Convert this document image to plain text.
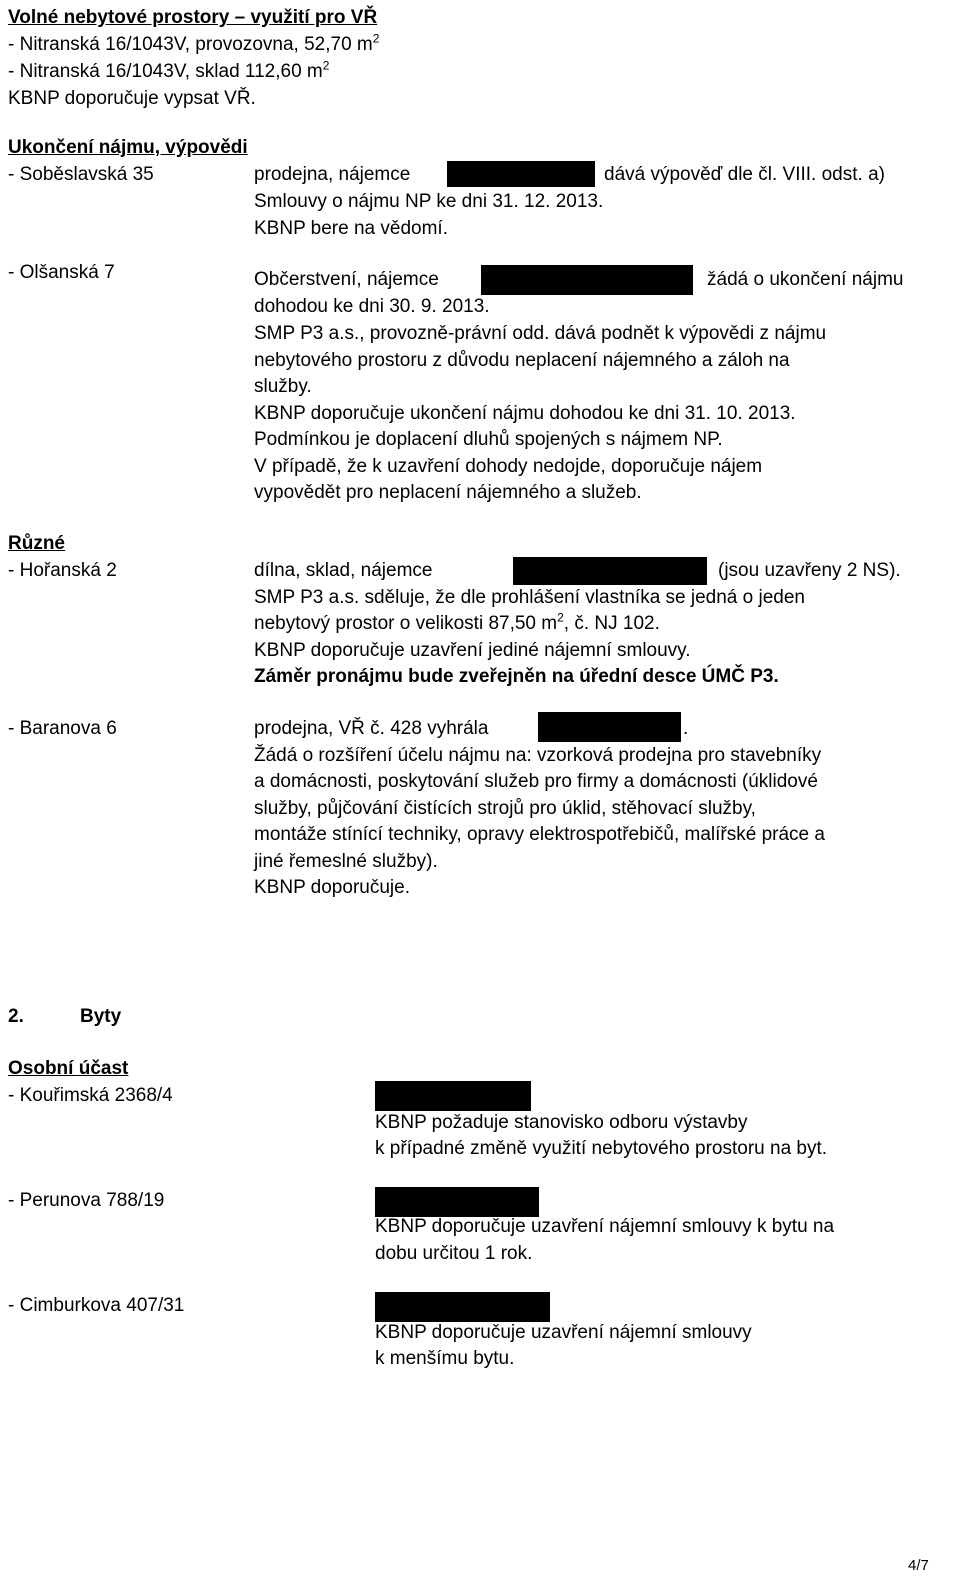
Volné nebytové prostory – využití pro VŘ
- Nitranská 16/1043V, provozovna, 52,70 $m^2$
- Nitranská 16/1043V, sklad 112,60 $m^2$
KBNP doporučuje vypsat VŘ.
Ukončení nájmu, výpovědi
- Soběslavská 35	prodejna, nájemce	dává výpověď dle čl. VIII. odst. a)
Smlouvy o nájmu NP ke dni 31. 12. 2013.
KBNP bere na vědomí.
- Olšanská 7	Občerstvení, nájemce	žádá o ukončení nájmu
dohodou ke dni 30. 9. 2013.
SMP P3 a.s., provozně-právní odd. dává podnět k výpovědi z nájmu
nebytového prostoru z důvodu neplacení nájemného a záloh na
služby.
KBNP doporučuje ukončení nájmu dohodou ke dni 31. 10. 2013.
Podmínkou je doplacení dluhů spojených s nájmem NP.
V případě, že k uzavření dohody nedojde, doporučuje nájem
vypovědět pro neplacení nájemného a služeb.
Různé
- Hořanská 2	dílna, sklad, nájemce	(jsou uzavřeny 2 NS).
SMP P3 a.s. sděluje, že dle prohlášení vlastníka se jedná o jeden
nebytový prostor o velikosti 87,50 $m^2$, č. NJ 102.
KBNP doporučuje uzavření jediné nájemní smlouvy.
Záměr pronájmu bude zveřejněn na úřední desce ÚMČ P3.
- Baranova 6	prodejna, VŘ č. 428 vyhrála	.
Žádá o rozšíření účelu nájmu na: vzorková prodejna pro stavebníky
a domácnosti, poskytování služeb pro firmy a domácnosti (úklidové
služby, půjčování čistících strojů pro úklid, stěhovací služby,
montáže stínící techniky, opravy elektrospotřebičů, malířské práce a
jiné řemeslné služby).
KBNP doporučuje.
2.	Byty
Osobní účast
- Kouřimská 2368/4
KBNP požaduje stanovisko odboru výstavby
k případné změně využití nebytového prostoru na byt.
- Perunova 788/19
KBNP doporučuje uzavření nájemní smlouvy k bytu na
dobu určitou 1 rok.
- Cimburkova 407/31
KBNP doporučuje uzavření nájemní smlouvy
k menšímu bytu.
4/7
